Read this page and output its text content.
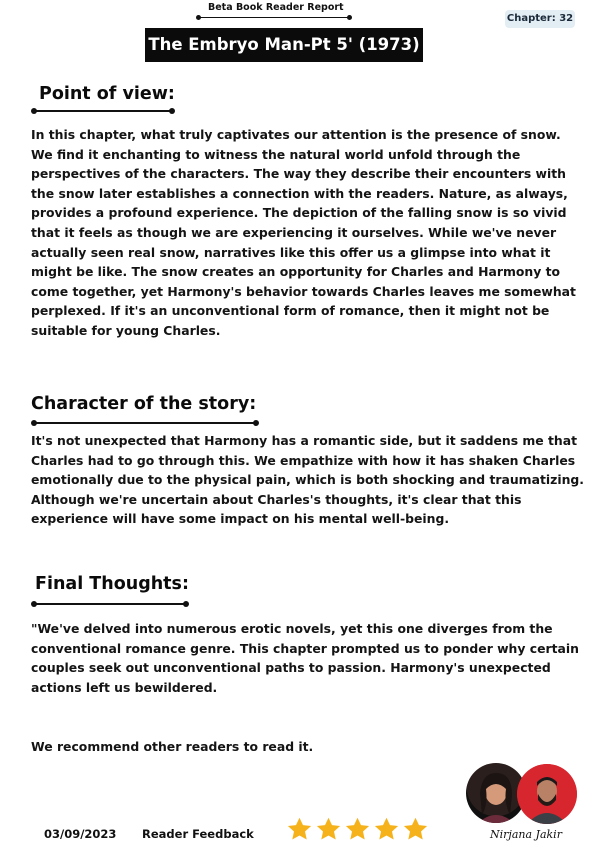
Beta Book Reader Report
Chapter: 32
The Embryo Man-Pt 5' (1973)
Point of view:
In this chapter, what truly captivates our attention is the presence of snow. We find it enchanting to witness the natural world unfold through the perspectives of the characters. The way they describe their encounters with the snow later establishes a connection with the readers. Nature, as always, provides a profound experience. The depiction of the falling snow is so vivid that it feels as though we are experiencing it ourselves. While we've never actually seen real snow, narratives like this offer us a glimpse into what it might be like. The snow creates an opportunity for Charles and Harmony to come together, yet Harmony's behavior towards Charles leaves me somewhat perplexed. If it's an unconventional form of romance, then it might not be suitable for young Charles.
Character of the story:
It's not unexpected that Harmony has a romantic side, but it saddens me that Charles had to go through this. We empathize with how it has shaken Charles emotionally due to the physical pain, which is both shocking and traumatizing. Although we're uncertain about Charles's thoughts, it's clear that this experience will have some impact on his mental well-being.
Final Thoughts:
"We've delved into numerous erotic novels, yet this one diverges from the conventional romance genre. This chapter prompted us to ponder why certain couples seek out unconventional paths to passion. Harmony's unexpected actions left us bewildered.
We recommend other readers to read it.
03/09/2023 Reader Feedback	Nirjana Jakir
